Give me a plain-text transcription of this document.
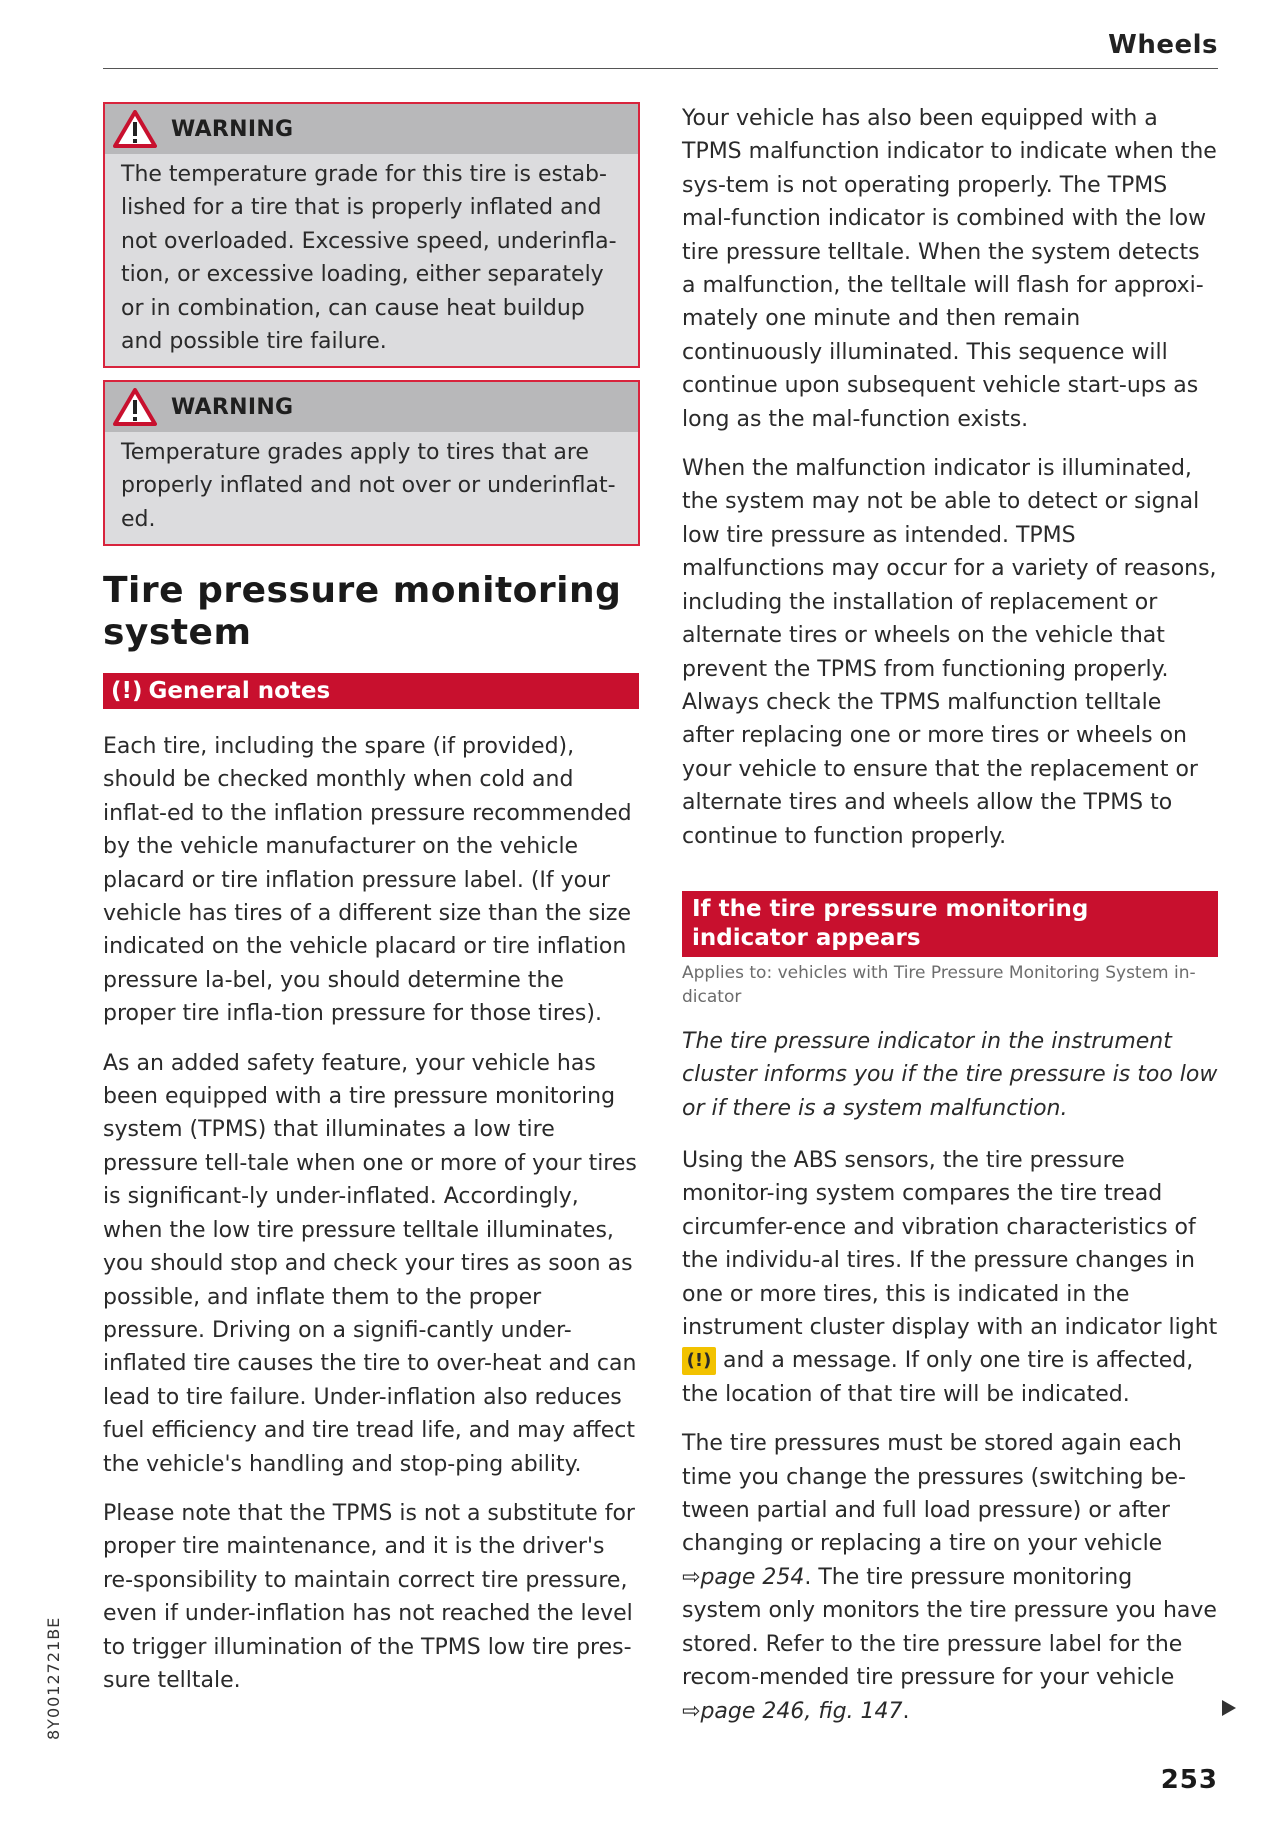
Wheels
WARNING

The temperature grade for this tire is estab-lished for a tire that is properly inflated and not overloaded. Excessive speed, underinfla-tion, or excessive loading, either separately or in combination, can cause heat buildup and possible tire failure.

WARNING

Temperature grades apply to tires that are properly inflated and not over or underinflat-ed.

Tire pressure monitoring system
(!) General notes

Each tire, including the spare (if provided), should be checked monthly when cold and inflat-ed to the inflation pressure recommended by the vehicle manufacturer on the vehicle placard or tire inflation pressure label. (If your vehicle has tires of a different size than the size indicated on the vehicle placard or tire inflation pressure la-bel, you should determine the proper tire infla-tion pressure for those tires).

As an added safety feature, your vehicle has been equipped with a tire pressure monitoring system (TPMS) that illuminates a low tire pressure tell-tale when one or more of your tires is significant-ly under-inflated. Accordingly, when the low tire pressure telltale illuminates, you should stop and check your tires as soon as possible, and inflate them to the proper pressure. Driving on a signifi-cantly under-inflated tire causes the tire to over-heat and can lead to tire failure. Under-inflation also reduces fuel efficiency and tire tread life, and may affect the vehicle's handling and stop-ping ability.

Please note that the TPMS is not a substitute for proper tire maintenance, and it is the driver's re-sponsibility to maintain correct tire pressure, even if under-inflation has not reached the level to trigger illumination of the TPMS low tire pres-sure telltale.

Your vehicle has also been equipped with a TPMS malfunction indicator to indicate when the sys-tem is not operating properly. The TPMS mal-function indicator is combined with the low tire pressure telltale. When the system detects a malfunction, the telltale will flash for approxi-mately one minute and then remain continuously illuminated. This sequence will continue upon subsequent vehicle start-ups as long as the mal-function exists.

When the malfunction indicator is illuminated, the system may not be able to detect or signal low tire pressure as intended. TPMS malfunctions may occur for a variety of reasons, including the installation of replacement or alternate tires or wheels on the vehicle that prevent the TPMS from functioning properly. Always check the TPMS malfunction telltale after replacing one or more tires or wheels on your vehicle to ensure that the replacement or alternate tires and wheels allow the TPMS to continue to function properly.

If the tire pressure monitoring indicator appears

Applies to: vehicles with Tire Pressure Monitoring System in-dicator

The tire pressure indicator in the instrument cluster informs you if the tire pressure is too low or if there is a system malfunction.

Using the ABS sensors, the tire pressure monitor-ing system compares the tire tread circumfer-ence and vibration characteristics of the individu-al tires. If the pressure changes in one or more tires, this is indicated in the instrument cluster display with an indicator light (!) and a message. If only one tire is affected, the location of that tire will be indicated.

The tire pressures must be stored again each time you change the pressures (switching be-tween partial and full load pressure) or after changing or replacing a tire on your vehicle ⇨page 254. The tire pressure monitoring system only monitors the tire pressure you have stored. Refer to the tire pressure label for the recom-mended tire pressure for your vehicle ⇨page 246, fig. 147.

253
8Y0012721BE
